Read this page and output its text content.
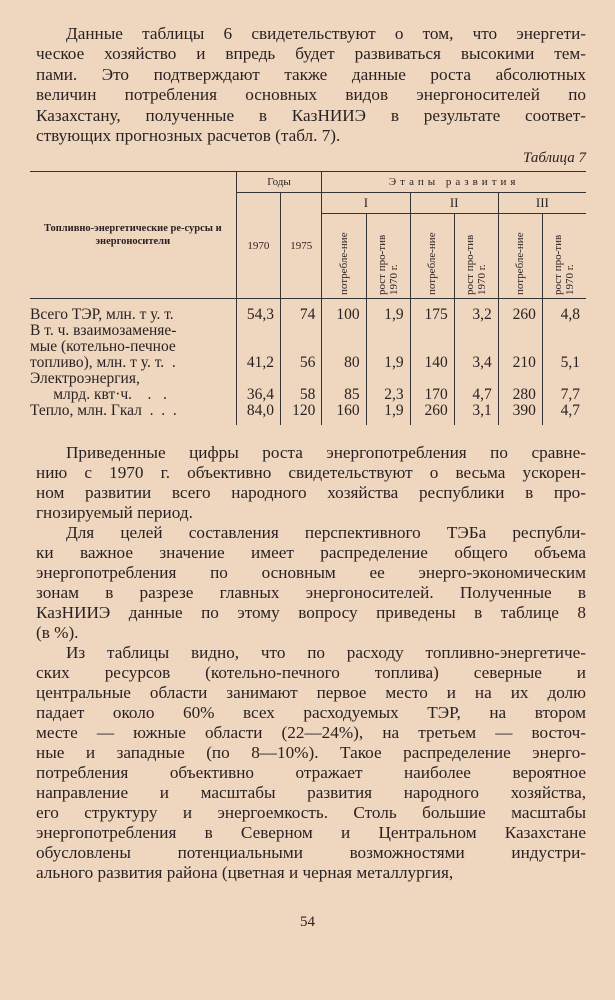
Данные таблицы 6 свидетельствуют о том, что энергети-
ческое хозяйство и впредь будет развиваться высокими тем-
пами. Это подтверждают также данные роста абсолютных
величин потребления основных видов энергоносителей по
Казахстану, полученные в КазНИИЭ в результате соответ-
ствующих прогнозных расчетов (табл. 7).
Таблица 7
Топливно-энергетические ре-сурсы и энергоносители	Годы		Этапы развития					
	1970	1975	I		II		III	

			потребле-ние	рост про-тив 1970 г.	потребле-ние	рост про-тив 1970 г.	потребле-ние	рост про-тив 1970 г.

Всего ТЭР, млн. т у. т.	54,3	74	100	1,9	175	3,2	260	4,8

В т. ч. взаимозаменяе-
мые (котельно-печное
топливо), млн. т у. т.  .	41,2	56	80	1,9	140	3,4	210	5,1

Электроэнергия,
млрд. квт·ч.    .   .	36,4	58	85	2,3	170	4,7	280	7,7

Тепло, млн. Гкал  .  .  .	84,0	120	160	1,9	260	3,1	390	4,7
Приведенные цифры роста энергопотребления по сравне-
нию с 1970 г. объективно свидетельствуют о весьма ускорен-
ном развитии всего народного хозяйства республики в про-
гнозируемый период.
Для целей составления перспективного ТЭБа республи-
ки важное значение имеет распределение общего объема
энергопотребления по основным ее энерго-экономическим
зонам в разрезе главных энергоносителей. Полученные в
КазНИИЭ данные по этому вопросу приведены в таблице 8
(в %).
Из таблицы видно, что по расходу топливно-энергетиче-
ских ресурсов (котельно-печного топлива) северные и
центральные области занимают первое место и на их долю
падает около 60% всех расходуемых ТЭР, на втором
месте — южные области (22—24%), на третьем — восточ-
ные и западные (по 8—10%). Такое распределение энерго-
потребления объективно отражает наиболее вероятное
направление и масштабы развития народного хозяйства,
его структуру и энергоемкость. Столь большие масштабы
энергопотребления в Северном и Центральном Казахстане
обусловлены потенциальными возможностями индустри-
ального развития района (цветная и черная металлургия,
54
